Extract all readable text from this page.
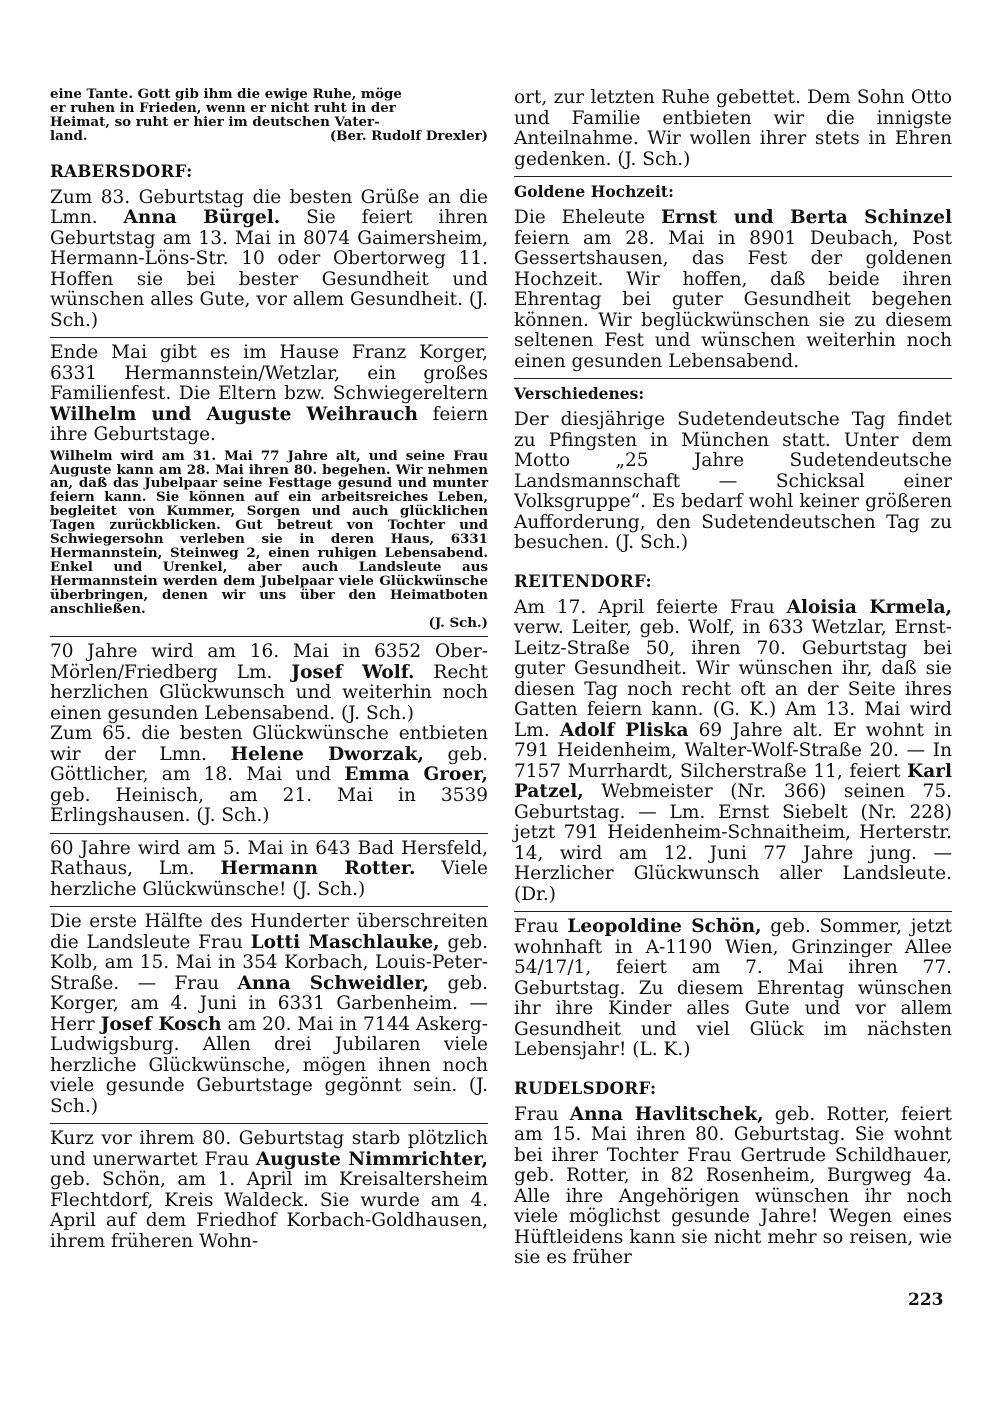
eine Tante. Gott gib ihm die ewige Ruhe, möge
er ruhen in Frieden, wenn er nicht ruht in der
Heimat, so ruht er hier im deutschen Vater-
land.	(Ber. Rudolf Drexler)
RABERSDORF:

Zum 83. Geburtstag die besten Grüße an die Lmn. Anna Bürgel. Sie feiert ihren Geburtstag am 13. Mai in 8074 Gaimersheim, Hermann-Löns-Str. 10 oder Obertorweg 11. Hoffen sie bei bester Gesundheit und wünschen alles Gute, vor allem Gesundheit. (J. Sch.)

Ende Mai gibt es im Hause Franz Korger, 6331 Hermannstein/Wetzlar, ein großes Familienfest. Die Eltern bzw. Schwiegereltern Wilhelm und Auguste Weihrauch feiern ihre Geburtstage.

Wilhelm wird am 31. Mai 77 Jahre alt, und seine Frau Auguste kann am 28. Mai ihren 80. begehen. Wir nehmen an, daß das Jubelpaar seine Festtage gesund und munter feiern kann. Sie können auf ein arbeitsreiches Leben, begleitet von Kummer, Sorgen und auch glücklichen Tagen zurückblicken. Gut betreut von Tochter und Schwiegersohn verleben sie in deren Haus, 6331 Hermannstein, Steinweg 2, einen ruhigen Lebensabend. Enkel und Urenkel, aber auch Landsleute aus Hermannstein werden dem Jubelpaar viele Glückwünsche überbringen, denen wir uns über den Heimatboten anschließen.

(J. Sch.)

70 Jahre wird am 16. Mai in 6352 Ober-Mörlen/Friedberg Lm. Josef Wolf. Recht herzlichen Glückwunsch und weiterhin noch einen gesunden Lebensabend. (J. Sch.)

Zum 65. die besten Glückwünsche entbieten wir der Lmn. Helene Dworzak, geb. Göttlicher, am 18. Mai und Emma Groer, geb. Heinisch, am 21. Mai in 3539 Erlingshausen. (J. Sch.)

60 Jahre wird am 5. Mai in 643 Bad Hersfeld, Rathaus, Lm. Hermann Rotter. Viele herzliche Glückwünsche! (J. Sch.)

Die erste Hälfte des Hunderter überschreiten die Landsleute Frau Lotti Maschlauke, geb. Kolb, am 15. Mai in 354 Korbach, Louis-Peter-Straße. — Frau Anna Schweidler, geb. Korger, am 4. Juni in 6331 Garbenheim. — Herr Josef Kosch am 20. Mai in 7144 Askerg-Ludwigsburg. Allen drei Jubilaren viele herzliche Glückwünsche, mögen ihnen noch viele gesunde Geburtstage gegönnt sein. (J. Sch.)

Kurz vor ihrem 80. Geburtstag starb plötzlich und unerwartet Frau Auguste Nimmrichter, geb. Schön, am 1. April im Kreisaltersheim Flechtdorf, Kreis Waldeck. Sie wurde am 4. April auf dem Friedhof Korbach-Goldhausen, ihrem früheren Wohn-

ort, zur letzten Ruhe gebettet. Dem Sohn Otto und Familie entbieten wir die innigste Anteilnahme. Wir wollen ihrer stets in Ehren gedenken. (J. Sch.)

Goldene Hochzeit:

Die Eheleute Ernst und Berta Schinzel feiern am 28. Mai in 8901 Deubach, Post Gessertshausen, das Fest der goldenen Hochzeit. Wir hoffen, daß beide ihren Ehrentag bei guter Gesundheit begehen können. Wir beglückwünschen sie zu diesem seltenen Fest und wünschen weiterhin noch einen gesunden Lebensabend.

Verschiedenes:

Der diesjährige Sudetendeutsche Tag findet zu Pfingsten in München statt. Unter dem Motto „25 Jahre Sudetendeutsche Landsmannschaft — Schicksal einer Volksgruppe“. Es bedarf wohl keiner größeren Aufforderung, den Sudetendeutschen Tag zu besuchen. (J. Sch.)

REITENDORF:

Am 17. April feierte Frau Aloisia Krmela, verw. Leiter, geb. Wolf, in 633 Wetzlar, Ernst-Leitz-Straße 50, ihren 70. Geburtstag bei guter Gesundheit. Wir wünschen ihr, daß sie diesen Tag noch recht oft an der Seite ihres Gatten feiern kann. (G. K.) Am 13. Mai wird Lm. Adolf Pliska 69 Jahre alt. Er wohnt in 791 Heidenheim, Walter-Wolf-Straße 20. — In 7157 Murrhardt, Silcherstraße 11, feiert Karl Patzel, Webmeister (Nr. 366) seinen 75. Geburtstag. — Lm. Ernst Siebelt (Nr. 228) jetzt 791 Heidenheim-Schnaitheim, Herterstr. 14, wird am 12. Juni 77 Jahre jung. — Herzlicher Glückwunsch aller Landsleute. (Dr.)

Frau Leopoldine Schön, geb. Sommer, jetzt wohnhaft in A-1190 Wien, Grinzinger Allee 54/17/1, feiert am 7. Mai ihren 77. Geburtstag. Zu diesem Ehrentag wünschen ihr ihre Kinder alles Gute und vor allem Gesundheit und viel Glück im nächsten Lebensjahr! (L. K.)

RUDELSDORF:

Frau Anna Havlitschek, geb. Rotter, feiert am 15. Mai ihren 80. Geburtstag. Sie wohnt bei ihrer Tochter Frau Gertrude Schildhauer, geb. Rotter, in 82 Rosenheim, Burgweg 4a. Alle ihre Angehörigen wünschen ihr noch viele möglichst gesunde Jahre! Wegen eines Hüftleidens kann sie nicht mehr so reisen, wie sie es früher

223
